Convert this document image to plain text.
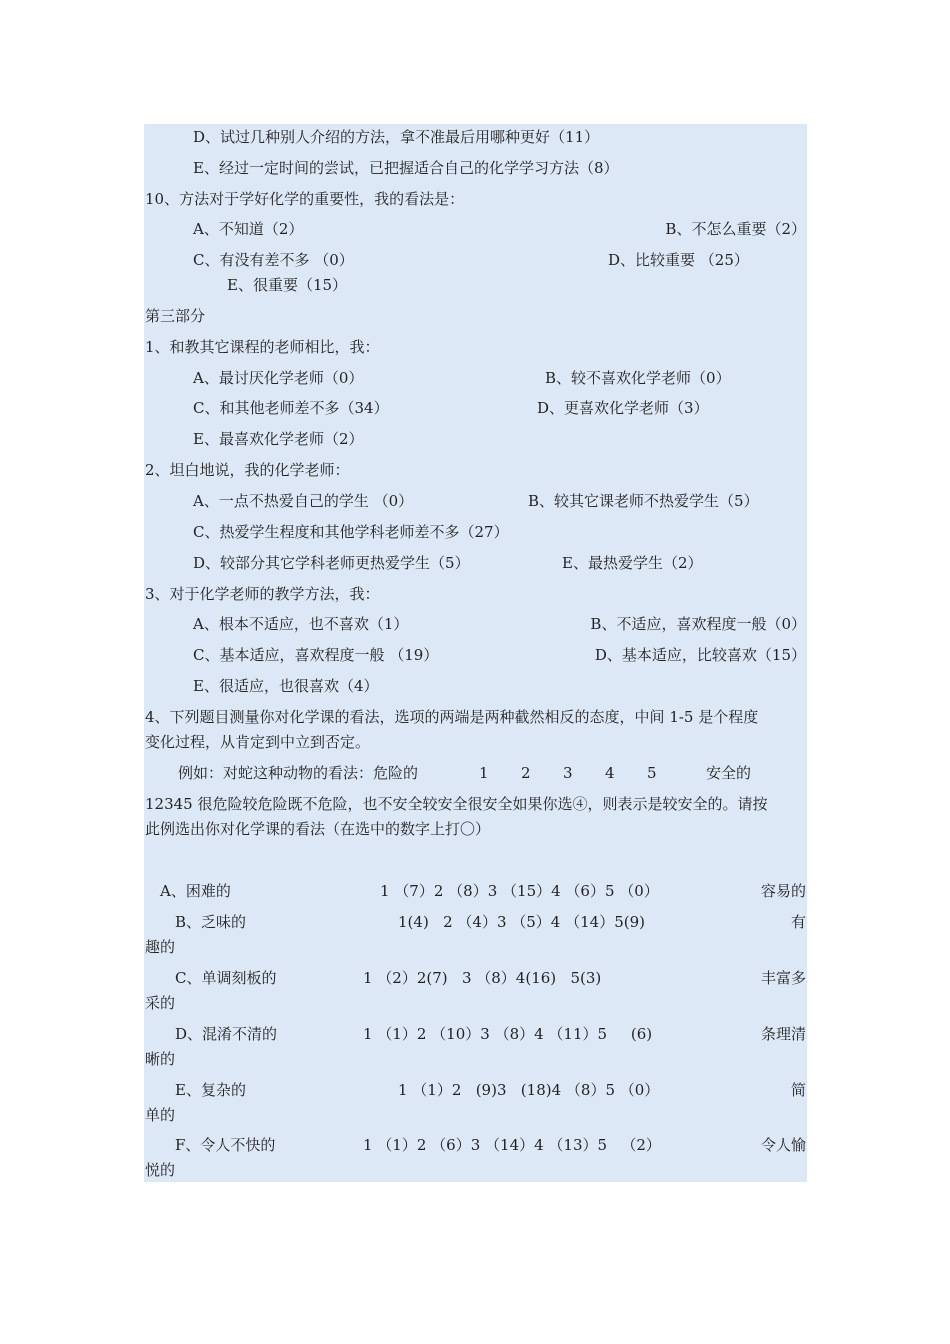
D、试过几种别人介绍的方法，拿不准最后用哪种更好（11）
E、经过一定时间的尝试，已把握适合自己的化学学习方法（8）
10、方法对于学好化学的重要性，我的看法是：
A、不知道（2）	B、不怎么重要（2）
C、有没有差不多 （0）	D、比较重要 （25）
E、很重要（15）
第三部分
1、和教其它课程的老师相比，我：
A、最讨厌化学老师（0）	B、较不喜欢化学老师（0）
C、和其他老师差不多（34）	D、更喜欢化学老师（3）
E、最喜欢化学老师（2）
2、坦白地说，我的化学老师：
A、一点不热爱自己的学生 （0）	B、较其它课老师不热爱学生（5）
C、热爱学生程度和其他学科老师差不多（27）
D、较部分其它学科老师更热爱学生（5）	E、最热爱学生（2）
3、对于化学老师的教学方法，我：
A、根本不适应，也不喜欢（1）	B、不适应，喜欢程度一般（0）
C、基本适应，喜欢程度一般 （19）	D、基本适应，比较喜欢（15）
E、很适应，也很喜欢（4）
4、下列题目测量你对化学课的看法，选项的两端是两种截然相反的态度，中间 1-5 是个程度
变化过程，从肯定到中立到否定。
例如：对蛇这种动物的看法：危险的	1 2 3 4 5	安全的
12345 很危险较危险既不危险，也不安全较安全很安全如果你选④，则表示是较安全的。请按
此例选出你对化学课的看法（在选中的数字上打〇）
A、困难的	1 （7）2 （8）3 （15）4 （6）5 （0）	容易的
B、乏味的	1(4)   2 （4）3 （5）4 （14）5(9)	有
趣的
C、单调刻板的	1 （2）2(7)   3 （8）4(16)   5(3)	丰富多
采的
D、混淆不清的	1 （1）2 （10）3 （8）4 （11）5     (6)	条理清
晰的
E、复杂的	1 （1）2   (9)3   (18)4 （8）5 （0）	简
单的
F、令人不快的	1 （1）2 （6）3 （14）4 （13）5   （2）	令人愉
悦的
